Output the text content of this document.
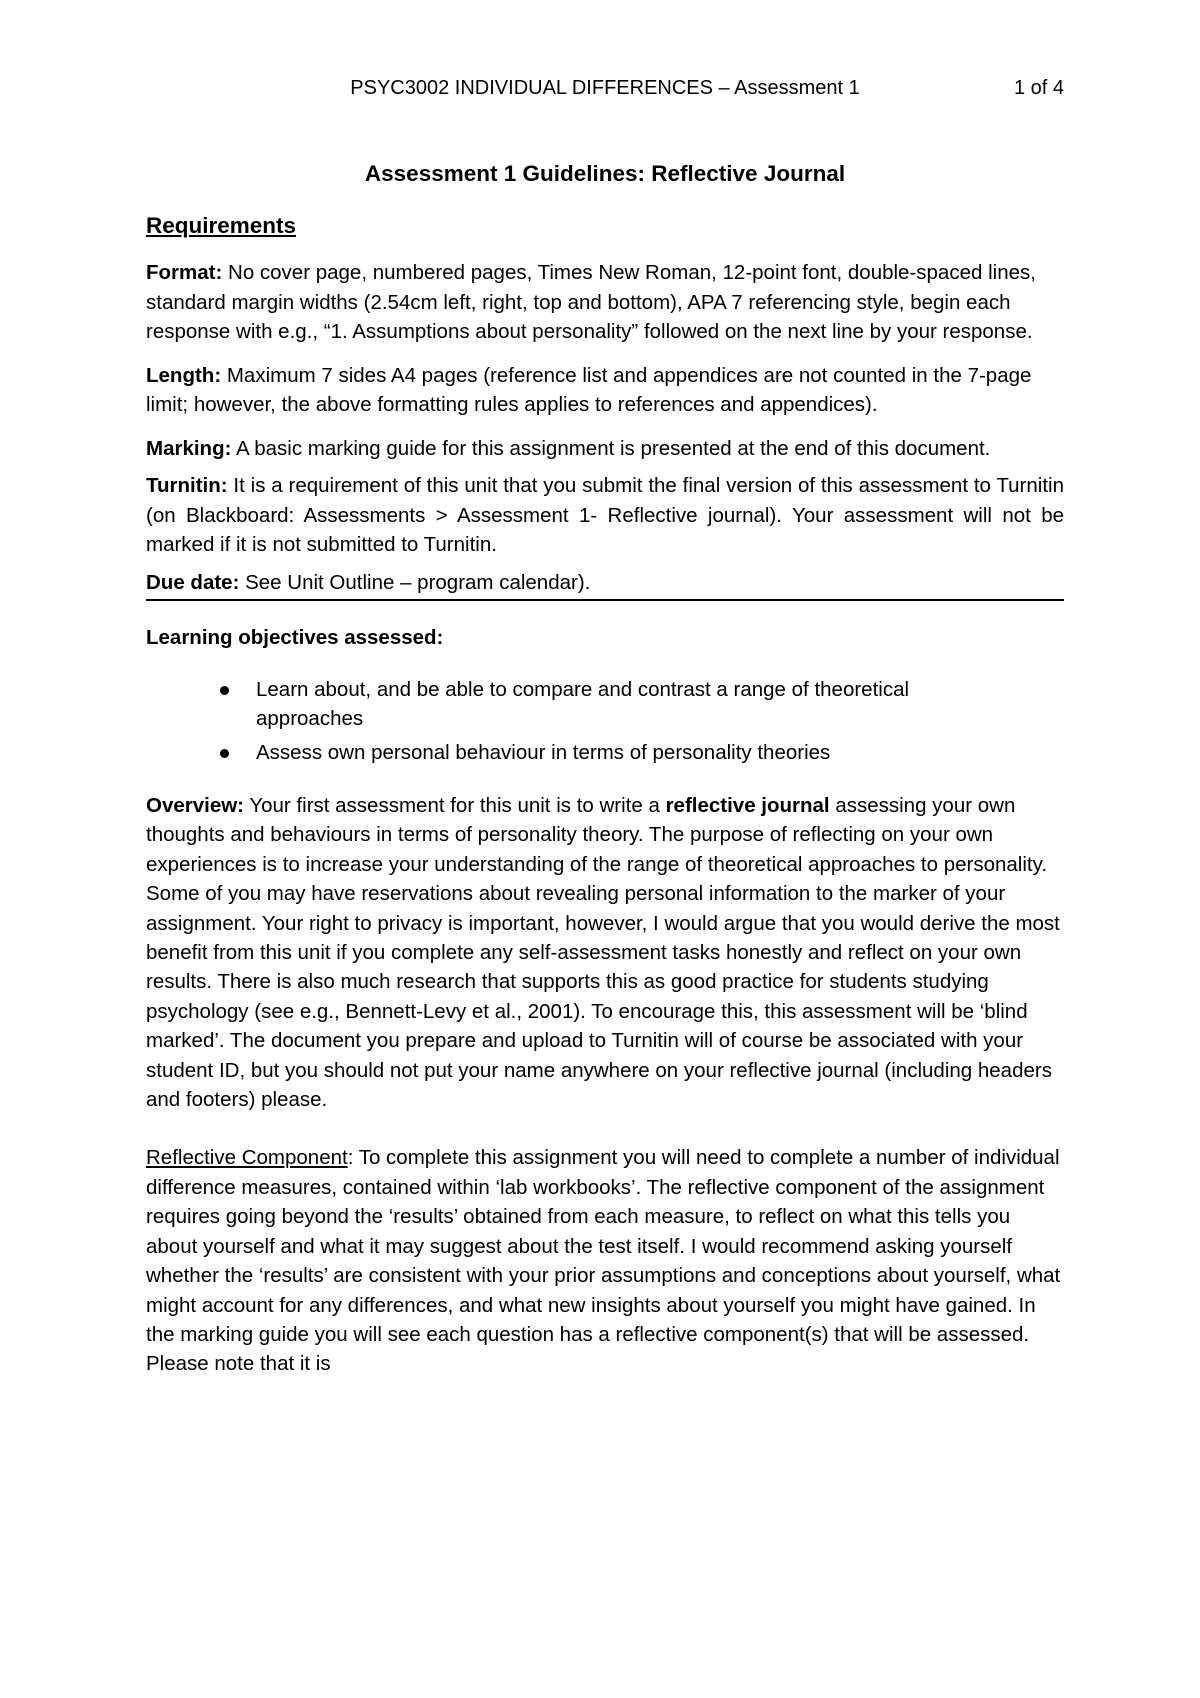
PSYC3002 INDIVIDUAL DIFFERENCES – Assessment 1	1 of 4
Assessment 1 Guidelines: Reflective Journal
Requirements

Format: No cover page, numbered pages, Times New Roman, 12-point font, double-spaced lines, standard margin widths (2.54cm left, right, top and bottom), APA 7 referencing style, begin each response with e.g., “1. Assumptions about personality” followed on the next line by your response.

Length: Maximum 7 sides A4 pages (reference list and appendices are not counted in the 7-page limit; however, the above formatting rules applies to references and appendices).

Marking: A basic marking guide for this assignment is presented at the end of this document.

Turnitin: It is a requirement of this unit that you submit the final version of this assessment to Turnitin (on Blackboard: Assessments > Assessment 1- Reflective journal). Your assessment will not be marked if it is not submitted to Turnitin.

Due date: See Unit Outline – program calendar).

Learning objectives assessed:
Learn about, and be able to compare and contrast a range of theoretical approaches
Assess own personal behaviour in terms of personality theories

Overview: Your first assessment for this unit is to write a reflective journal assessing your own thoughts and behaviours in terms of personality theory. The purpose of reflecting on your own experiences is to increase your understanding of the range of theoretical approaches to personality. Some of you may have reservations about revealing personal information to the marker of your assignment. Your right to privacy is important, however, I would argue that you would derive the most benefit from this unit if you complete any self-assessment tasks honestly and reflect on your own results. There is also much research that supports this as good practice for students studying psychology (see e.g., Bennett-Levy et al., 2001). To encourage this, this assessment will be ‘blind marked’. The document you prepare and upload to Turnitin will of course be associated with your student ID, but you should not put your name anywhere on your reflective journal (including headers and footers) please.

Reflective Component: To complete this assignment you will need to complete a number of individual difference measures, contained within ‘lab workbooks’. The reflective component of the assignment requires going beyond the ‘results’ obtained from each measure, to reflect on what this tells you about yourself and what it may suggest about the test itself. I would recommend asking yourself whether the ‘results’ are consistent with your prior assumptions and conceptions about yourself, what might account for any differences, and what new insights about yourself you might have gained. In the marking guide you will see each question has a reflective component(s) that will be assessed. Please note that it is
